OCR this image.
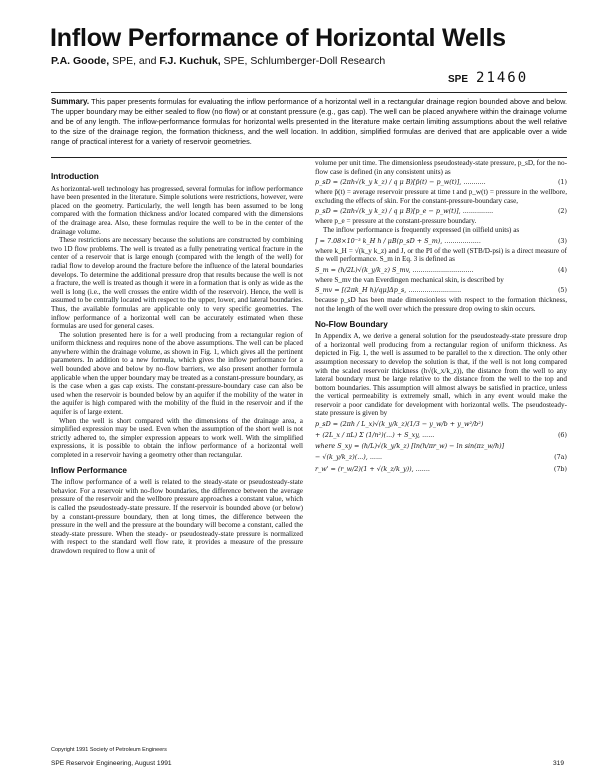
Inflow Performance of Horizontal Wells
P.A. Goode, SPE, and F.J. Kuchuk, SPE, Schlumberger-Doll Research
SPE 21460

Summary. This paper presents formulas for evaluating the inflow performance of a horizontal well in a rectangular drainage region bounded above and below. The upper boundary may be either sealed to flow (no flow) or at constant pressure (e.g., gas cap). The well can be placed anywhere within the drainage volume and be of any length. The inflow-performance formulas for horizontal wells presented in the literature make certain limiting assumptions about the well relative to the size of the drainage region, the formation thickness, and the well location. In addition, simplified formulas are derived that are applicable over a wide range of practical interest for a variety of reservoir geometries.

Introduction

As horizontal-well technology has progressed, several formulas for inflow performance have been presented in the literature. Simple solutions were restrictions, however, were placed on the geometry. Particularly, the well length has been assumed to be long compared with the formation thickness and/or located compared with the dimensions of the drainage area. Also, these formulas require the well to be in the center of the drainage volume.

These restrictions are necessary because the solutions are constructed by combining two 1D flow problems. The well is treated as a fully penetrating vertical fracture in the center of a reservoir that is large enough (compared with the length of the well) for radial flow to develop around the fracture before the influence of the lateral boundaries develops. To determine the additional pressure drop that results because the well is not a fracture, the well is treated as though it were in a formation that is only as wide as the well is long (i.e., the well crosses the entire width of the reservoir). Hence, the well is assumed to be centrally located with respect to the upper, lower, and lateral boundaries. Thus, the available formulas are applicable only to very specific geometries. The inflow performance of a horizontal well can be accurately estimated when these formulas are used for general cases.

The solution presented here is for a well producing from a rectangular region of uniform thickness and requires none of the above assumptions. The well can be placed anywhere within the drainage volume, as shown in Fig. 1, which gives all the pertinent parameters. In addition to a new formula, which gives the inflow performance for a well bounded above and below by no-flow barriers, we also present another formula applicable when the upper boundary may be treated as a constant-pressure boundary, as is the case when a gas cap exists. The constant-pressure-boundary case can also be used when the reservoir is bounded below by an aquifer if the mobility of the water in the aquifer is high compared with the mobility of the fluid in the reservoir and if the aquifer is of large extent.

When the well is short compared with the dimensions of the drainage area, a simplified expression may be used. Even when the assumption of the short well is not strictly adhered to, the simpler expression appears to work well. With the simplified expressions, it is possible to obtain the inflow performance of a horizontal well completed in a reservoir having a geometry other than rectangular.

Inflow Performance

The inflow performance of a well is related to the steady-state or pseudosteady-state behavior. For a reservoir with no-flow boundaries, the difference between the average pressure of the reservoir and the wellbore pressure approaches a constant value, which is called the pseudosteady-state pressure. If the reservoir is bounded above (or below) by a constant-pressure boundary, then at long times, the difference between the pressure in the well and the pressure at the boundary will become a constant, called the steady-state pressure. When the steady- or pseudosteady-state pressure is normalized with respect to the standard well flow rate, it provides a measure of the pressure drawdown required to flow a unit of

volume per unit time. The dimensionless pseudosteady-state pressure, p_sD, for the no-flow case is defined (in any consistent units) as

p_sD = (2πh√(k_y k_z) / q μ B)[p̄(t) − p_w(t)], ...........	(1)

where p̄(t) = average reservoir pressure at time t and p_w(t) = pressure in the wellbore, excluding the effects of skin. For the constant-pressure-boundary case,

p_sD = (2πh√(k_y k_z) / q μ B)[p_e − p_w(t)], ...............	(2)

where p_e = pressure at the constant-pressure boundary.

The inflow performance is frequently expressed (in oilfield units) as

J = 7.08×10⁻³ k_H h / μB(p_sD + S_m), ..................	(3)

where k_H = √(k_y k_z) and J, or the PI of the well (STB/D-psi) is a direct measure of the well performance. S_m in Eq. 3 is defined as

S_m = (h/2L)√(k_y/k_z) S_mv, ..............................	(4)

where S_mv the van Everdingen mechanical skin, is described by

S_mv = [(2πk_H h)/qμ]Δp_s, ..........................	(5)

because p_sD has been made dimensionless with respect to the formation thickness, not the length of the well over which the pressure drop owing to skin occurs.

No-Flow Boundary

In Appendix A, we derive a general solution for the pseudosteady-state pressure drop of a horizontal well producing from a rectangular region of uniform thickness. As depicted in Fig. 1, the well is assumed to be parallel to the x direction. The only other assumption necessary to develop the solution is that, if the well is not long compared with the scaled reservoir thickness (h√(k_x/k_z)), the distance from the well to any lateral boundary must be large relative to the distance from the well to the top and bottom boundaries. This assumption will almost always be satisfied in practice, unless the vertical permeability is extremely small, which in any event would make the reservoir a poor candidate for development with horizontal wells. The pseudosteady-state pressure is given by

p_sD = (2πh / L_x)√(k_y/k_z)(1/3 − y_w/b + y_w²/b²)
+ (2L_x / πL) Σ (1/n²)(...) + S_xy, ......	(6)
where S_xy = (h/L)√(k_y/k_z) [ln(h/πr_w) − ln sin(πz_w/h)]
− √(k_y/k_z)(...), ......	(7a)
r_w' = (r_w/2)(1 + √(k_z/k_y)), .......	(7b)
Copyright 1991 Society of Petroleum Engineers
SPE Reservoir Engineering, August 1991	319
